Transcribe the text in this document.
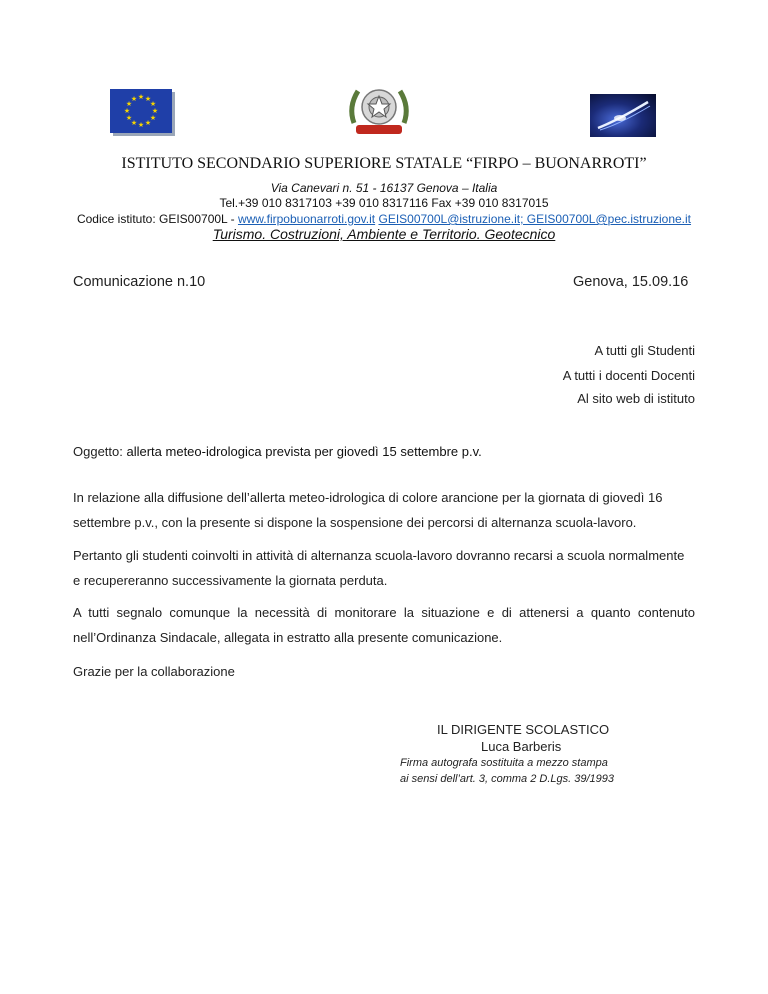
★ ★
★
★
★
★
★
★
★
★
★
★
ISTITUTO SECONDARIO SUPERIORE STATALE “FIRPO – BUONARROTI”
Via Canevari n. 51 - 16137 Genova – Italia
Tel.+39 010 8317103 +39 010 8317116 Fax +39 010 8317015
Codice istituto: GEIS00700L - www.firpobuonarroti.gov.it GEIS00700L@istruzione.it; GEIS00700L@pec.istruzione.it
Turismo. Costruzioni, Ambiente e Territorio. Geotecnico
Comunicazione n.10	Genova, 15.09.16
A tutti gli Studenti
A tutti i docenti Docenti
Al sito web di istituto
Oggetto: allerta meteo-idrologica prevista per giovedì 15 settembre p.v.
In relazione alla diffusione dell’allerta meteo-idrologica di colore arancione per la giornata di giovedì 16 settembre p.v., con la presente si dispone la sospensione dei percorsi di alternanza scuola-lavoro.
Pertanto gli studenti coinvolti in attività di alternanza scuola-lavoro dovranno recarsi a scuola normalmente e recupereranno successivamente la giornata perduta.
A tutti segnalo comunque la necessità di monitorare la situazione e di attenersi a quanto contenuto nell’Ordinanza Sindacale, allegata in estratto alla presente comunicazione.
Grazie per la collaborazione
IL DIRIGENTE SCOLASTICO
Luca Barberis
Firma autografa sostituita a mezzo stampa
ai sensi dell’art. 3, comma 2 D.Lgs. 39/1993
